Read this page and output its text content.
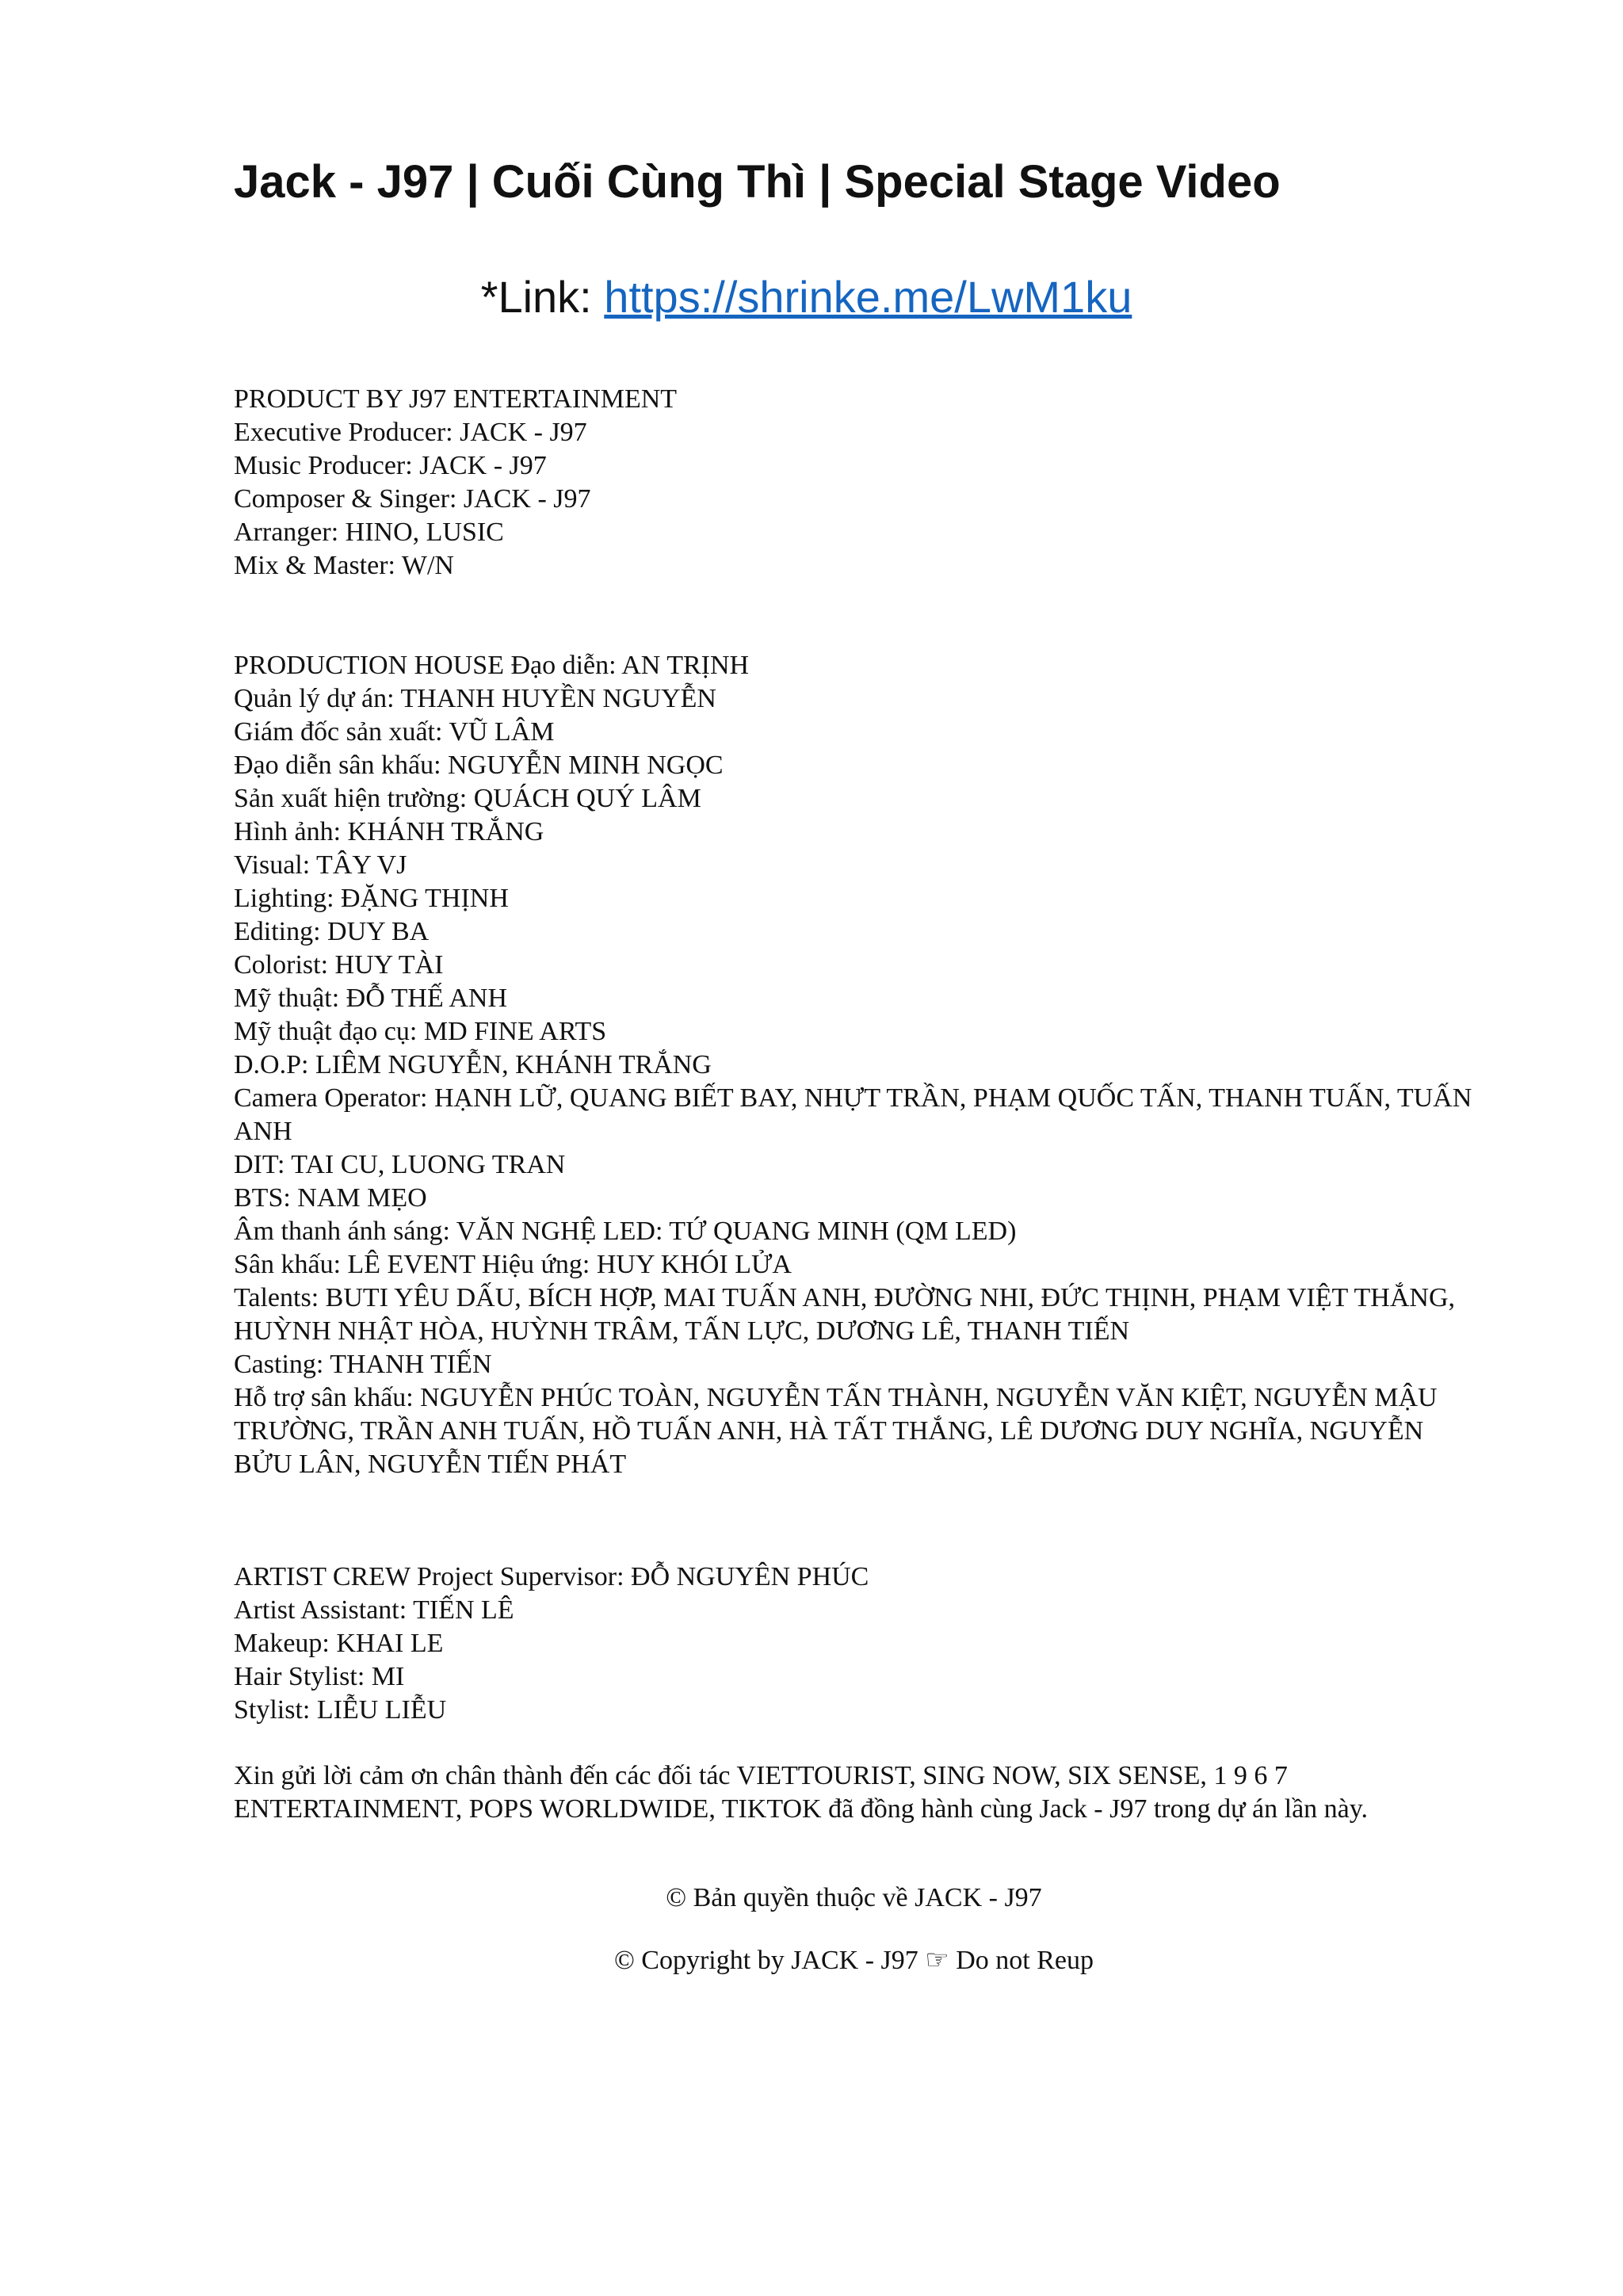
Jack - J97 | Cuối Cùng Thì | Special Stage Video
*Link: https://shrinke.me/LwM1ku

PRODUCT BY J97 ENTERTAINMENT

Executive Producer: JACK - J97

Music Producer: JACK - J97

Composer & Singer: JACK - J97

Arranger: HINO, LUSIC

Mix & Master: W/N

PRODUCTION HOUSE Đạo diễn: AN TRỊNH

Quản lý dự án: THANH HUYỀN NGUYỄN

Giám đốc sản xuất: VŨ LÂM

Đạo diễn sân khấu: NGUYỄN MINH NGỌC

Sản xuất hiện trường: QUÁCH QUÝ LÂM

Hình ảnh: KHÁNH TRẮNG

Visual: TÂY VJ

Lighting: ĐẶNG THỊNH

Editing: DUY BA

Colorist: HUY TÀI

Mỹ thuật: ĐỖ THẾ ANH

Mỹ thuật đạo cụ: MD FINE ARTS

D.O.P: LIÊM NGUYỄN, KHÁNH TRẮNG

Camera Operator: HẠNH LỮ, QUANG BIẾT BAY, NHỰT TRẦN, PHẠM QUỐC TẤN, THANH TUẤN, TUẤN ANH

DIT: TAI CU, LUONG TRAN

BTS: NAM MẸO

Âm thanh ánh sáng: VĂN NGHỆ LED: TỨ QUANG MINH (QM LED)

Sân khấu: LÊ EVENT Hiệu ứng: HUY KHÓI LỬA

Talents: BUTI YÊU DẤU, BÍCH HỢP, MAI TUẤN ANH, ĐƯỜNG NHI, ĐỨC THỊNH, PHẠM VIỆT THẮNG, HUỲNH NHẬT HÒA, HUỲNH TRÂM, TẤN LỰC, DƯƠNG LÊ, THANH TIẾN

Casting: THANH TIẾN

Hỗ trợ sân khấu: NGUYỄN PHÚC TOÀN, NGUYỄN TẤN THÀNH, NGUYỄN VĂN KIỆT, NGUYỄN MẬU TRƯỜNG, TRẦN ANH TUẤN, HỒ TUẤN ANH, HÀ TẤT THẮNG, LÊ DƯƠNG DUY NGHĨA, NGUYỄN BỬU LÂN, NGUYỄN TIẾN PHÁT

ARTIST CREW Project Supervisor: ĐỖ NGUYÊN PHÚC

Artist Assistant: TIẾN LÊ

Makeup: KHAI LE

Hair Stylist: MI

Stylist: LIỄU LIỄU

Xin gửi lời cảm ơn chân thành đến các đối tác VIETTOURIST, SING NOW, SIX SENSE, 1 9 6 7 ENTERTAINMENT, POPS WORLDWIDE, TIKTOK đã đồng hành cùng Jack - J97 trong dự án lần này.

© Bản quyền thuộc về JACK - J97
© Copyright by JACK - J97 ☞ Do not Reup
